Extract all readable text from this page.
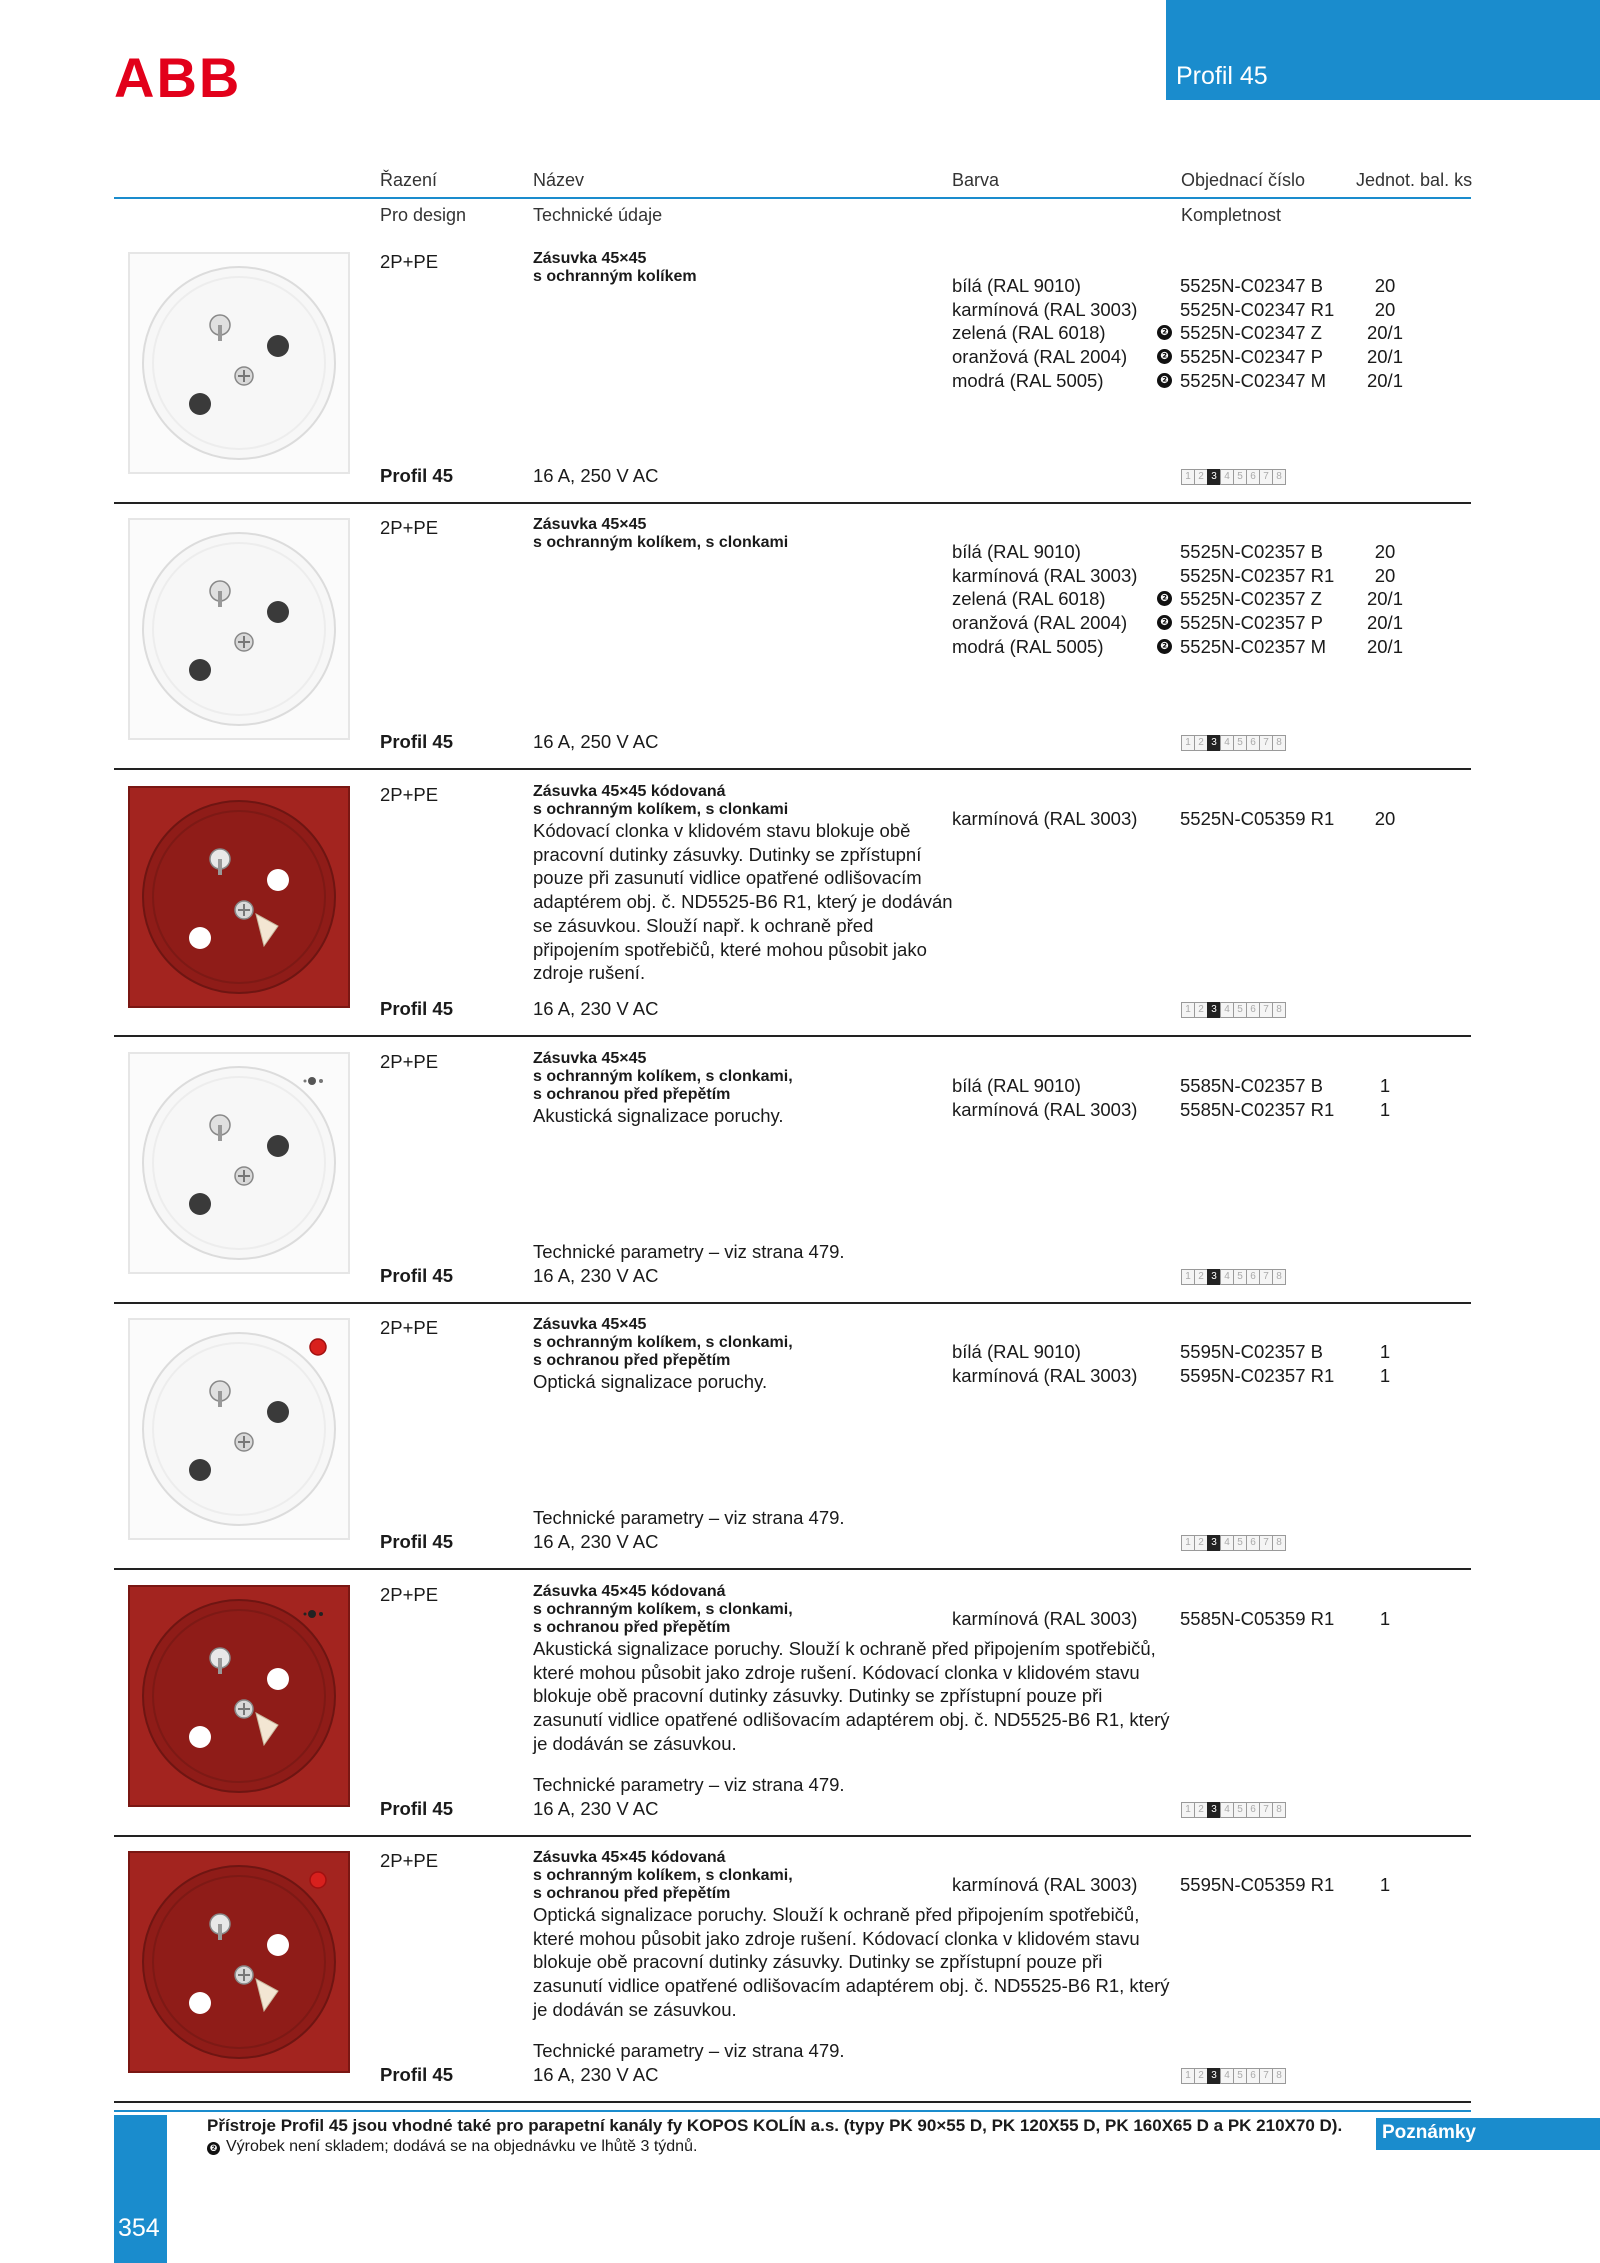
ABB	Profil 45
Řazení	Název	Barva	Objednací číslo	Jednot. bal. ks
Pro design	Technické údaje	Kompletnost
2P+PE	Zásuvka 45×45
s ochranným kolíkem	bílá (RAL 9010)	5525N-C02347 B	20
karmínová (RAL 3003)	5525N-C02347 R1	20
zelená (RAL 6018)	❷ 5525N-C02347 Z	20/1
oranžová (RAL 2004)	❷ 5525N-C02347 P	20/1
modrá (RAL 5005)	❷ 5525N-C02347 M	20/1
Profil 45	16 A, 250 V AC	1 2 3 4 5 6 7 8
2P+PE	Zásuvka 45×45
s ochranným kolíkem, s clonkami	bílá (RAL 9010)	5525N-C02357 B	20
karmínová (RAL 3003)	5525N-C02357 R1	20
zelená (RAL 6018)	❷ 5525N-C02357 Z	20/1
oranžová (RAL 2004)	❷ 5525N-C02357 P	20/1
modrá (RAL 5005)	❷ 5525N-C02357 M	20/1
Profil 45	16 A, 250 V AC	1 2 3 4 5 6 7 8
2P+PE	Zásuvka 45×45 kódovaná
s ochranným kolíkem, s clonkami
Kódovací clonka v klidovém stavu blokuje obě pracovní dutinky zásuvky. Dutinky se zpřístupní pouze při zasunutí vidlice opatřené odlišovacím adaptérem obj. č. ND5525-B6 R1, který je dodáván se zásuvkou. Slouží např. k ochraně před připojením spotřebičů, které mohou působit jako zdroje rušení.
karmínová (RAL 3003)	5525N-C05359 R1	20
Profil 45	16 A, 230 V AC	1 2 3 4 5 6 7 8
2P+PE	Zásuvka 45×45
s ochranným kolíkem, s clonkami,
s ochranou před přepětím
Akustická signalizace poruchy.
bílá (RAL 9010)	5585N-C02357 B	1
karmínová (RAL 3003)	5585N-C02357 R1	1
Technické parametry – viz strana 479.
Profil 45	16 A, 230 V AC	1 2 3 4 5 6 7 8
2P+PE	Zásuvka 45×45
s ochranným kolíkem, s clonkami,
s ochranou před přepětím
Optická signalizace poruchy.
bílá (RAL 9010)	5595N-C02357 B	1
karmínová (RAL 3003)	5595N-C02357 R1	1
Technické parametry – viz strana 479.
Profil 45	16 A, 230 V AC	1 2 3 4 5 6 7 8
2P+PE	Zásuvka 45×45 kódovaná
s ochranným kolíkem, s clonkami,
s ochranou před přepětím
Akustická signalizace poruchy. Slouží k ochraně před připojením spotřebičů, které mohou působit jako zdroje rušení. Kódovací clonka v klidovém stavu blokuje obě pracovní dutinky zásuvky. Dutinky se zpřístupní pouze při zasunutí vidlice opatřené odlišovacím adaptérem obj. č. ND5525-B6 R1, který je dodáván se zásuvkou.
karmínová (RAL 3003)	5585N-C05359 R1	1
Technické parametry – viz strana 479.
Profil 45	16 A, 230 V AC	1 2 3 4 5 6 7 8
2P+PE	Zásuvka 45×45 kódovaná
s ochranným kolíkem, s clonkami,
s ochranou před přepětím
Optická signalizace poruchy. Slouží k ochraně před připojením spotřebičů, které mohou působit jako zdroje rušení. Kódovací clonka v klidovém stavu blokuje obě pracovní dutinky zásuvky. Dutinky se zpřístupní pouze při zasunutí vidlice opatřené odlišovacím adaptérem obj. č. ND5525-B6 R1, který je dodáván se zásuvkou.
karmínová (RAL 3003)	5595N-C05359 R1	1
Technické parametry – viz strana 479.
Profil 45	16 A, 230 V AC	1 2 3 4 5 6 7 8
354
Přístroje Profil 45 jsou vhodné také pro parapetní kanály fy KOPOS KOLÍN a.s. (typy PK 90×55 D, PK 120X55 D, PK 160X65 D a PK 210X70 D).
❷ Výrobek není skladem; dodává se na objednávku ve lhůtě 3 týdnů.
Poznámky
